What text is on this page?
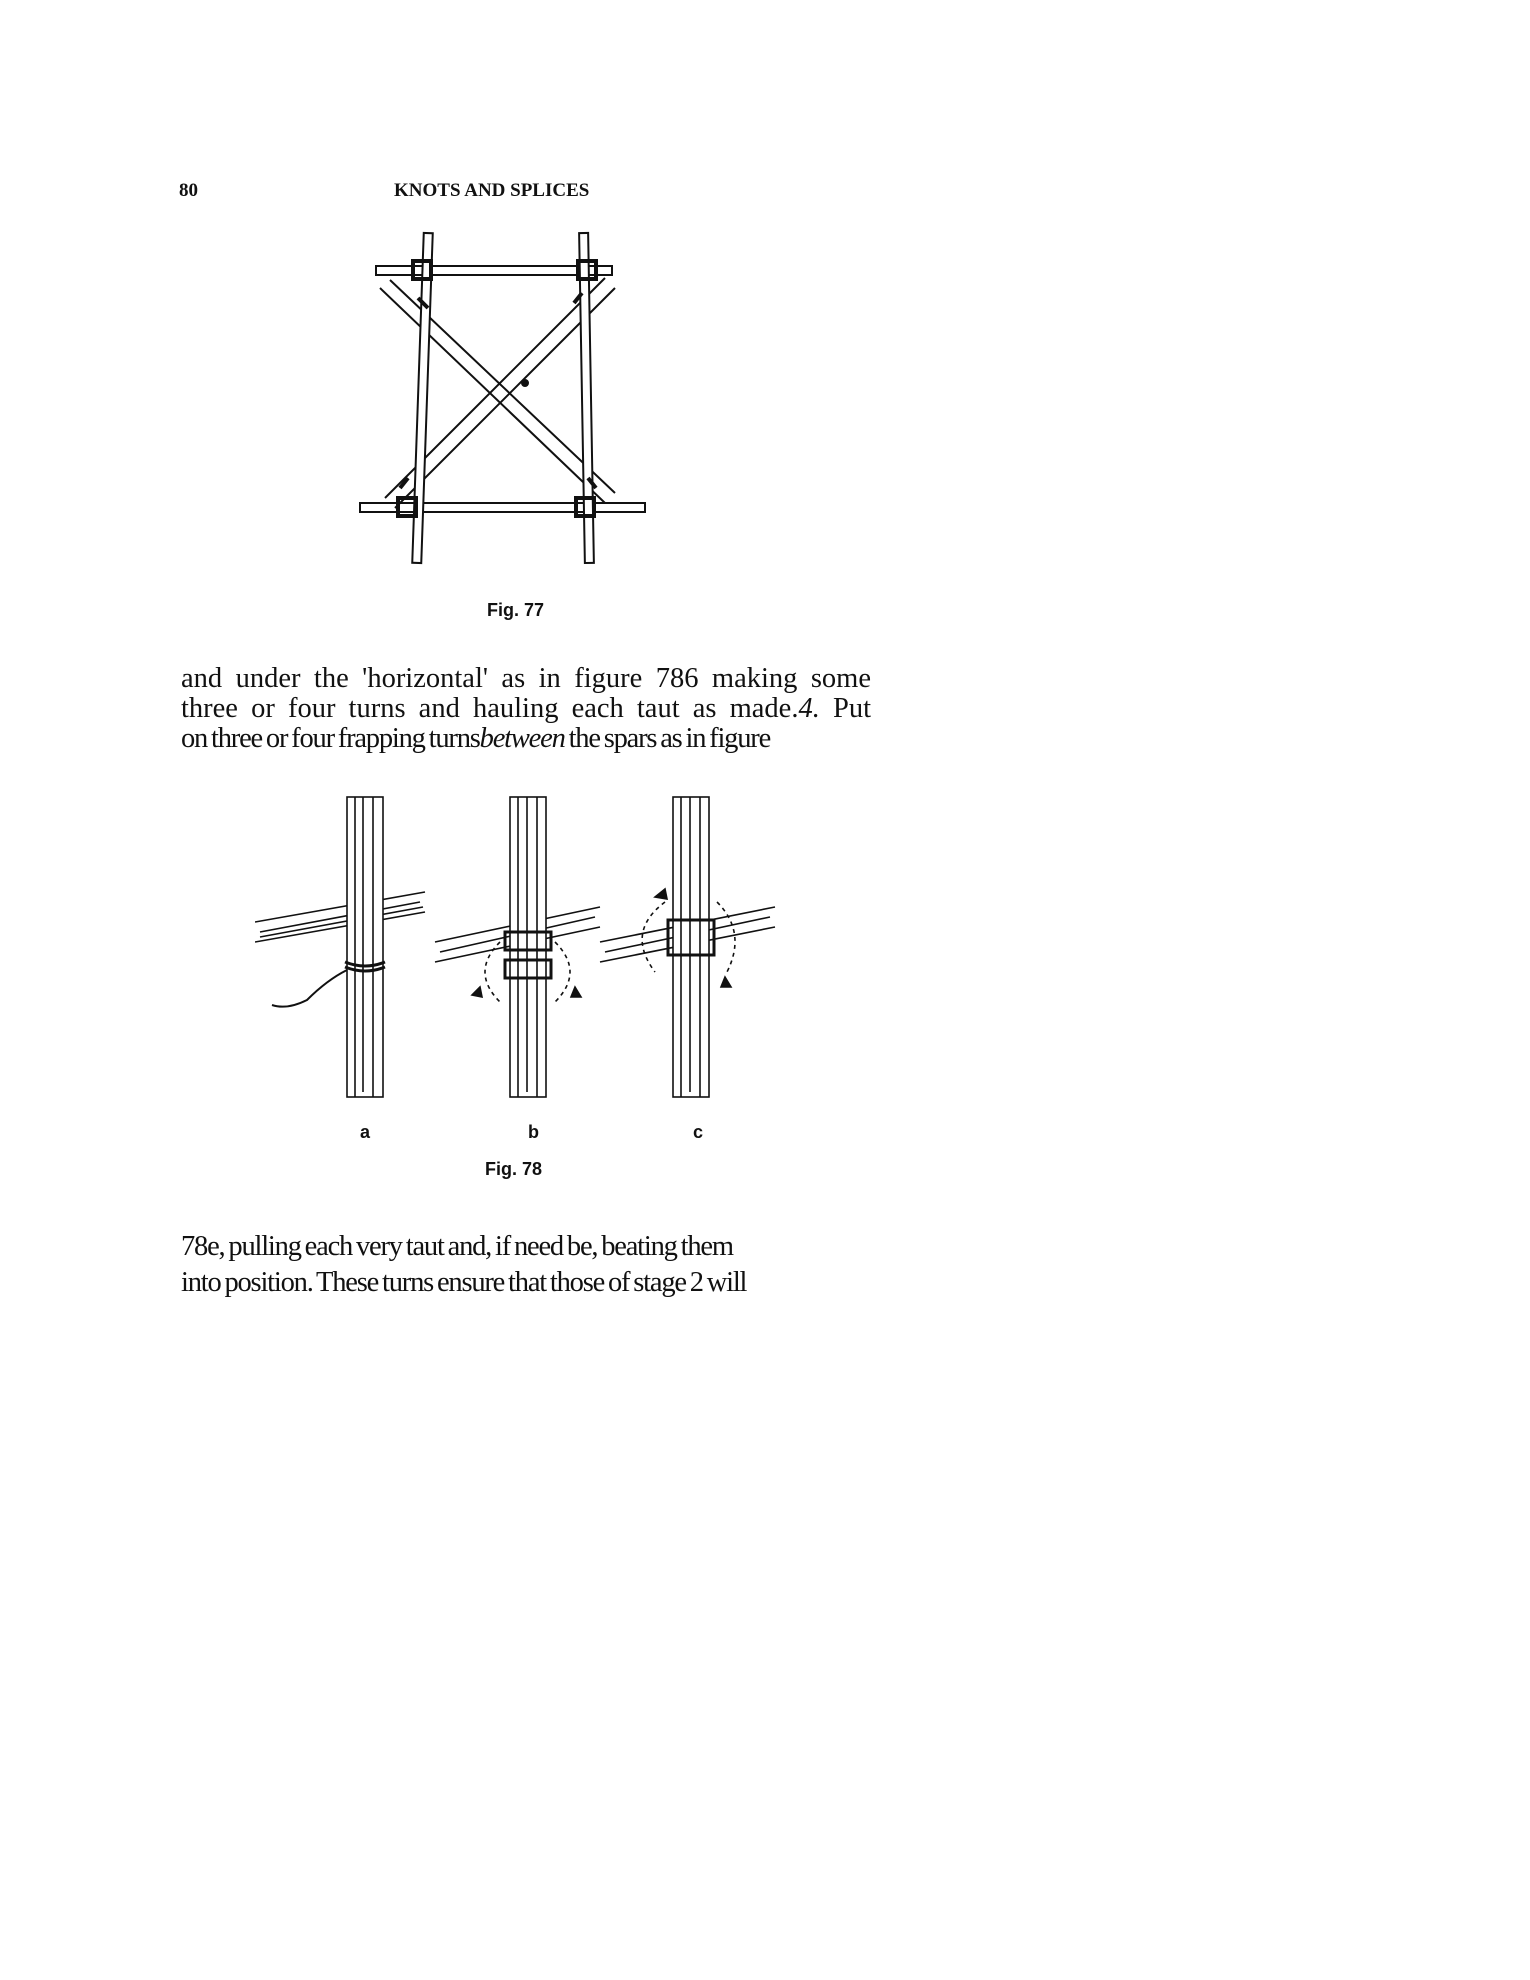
80	KNOTS AND SPLICES
Fig. 77
and under the 'horizontal' as in figure 786 making some
three or four turns and hauling each taut as made.4. Put
on three or four frapping turnsbetween the spars as in figure
a	b	c
Fig. 78
78e, pulling each very taut and, if need be, beating them
into position. These turns ensure that those of stage 2 will
